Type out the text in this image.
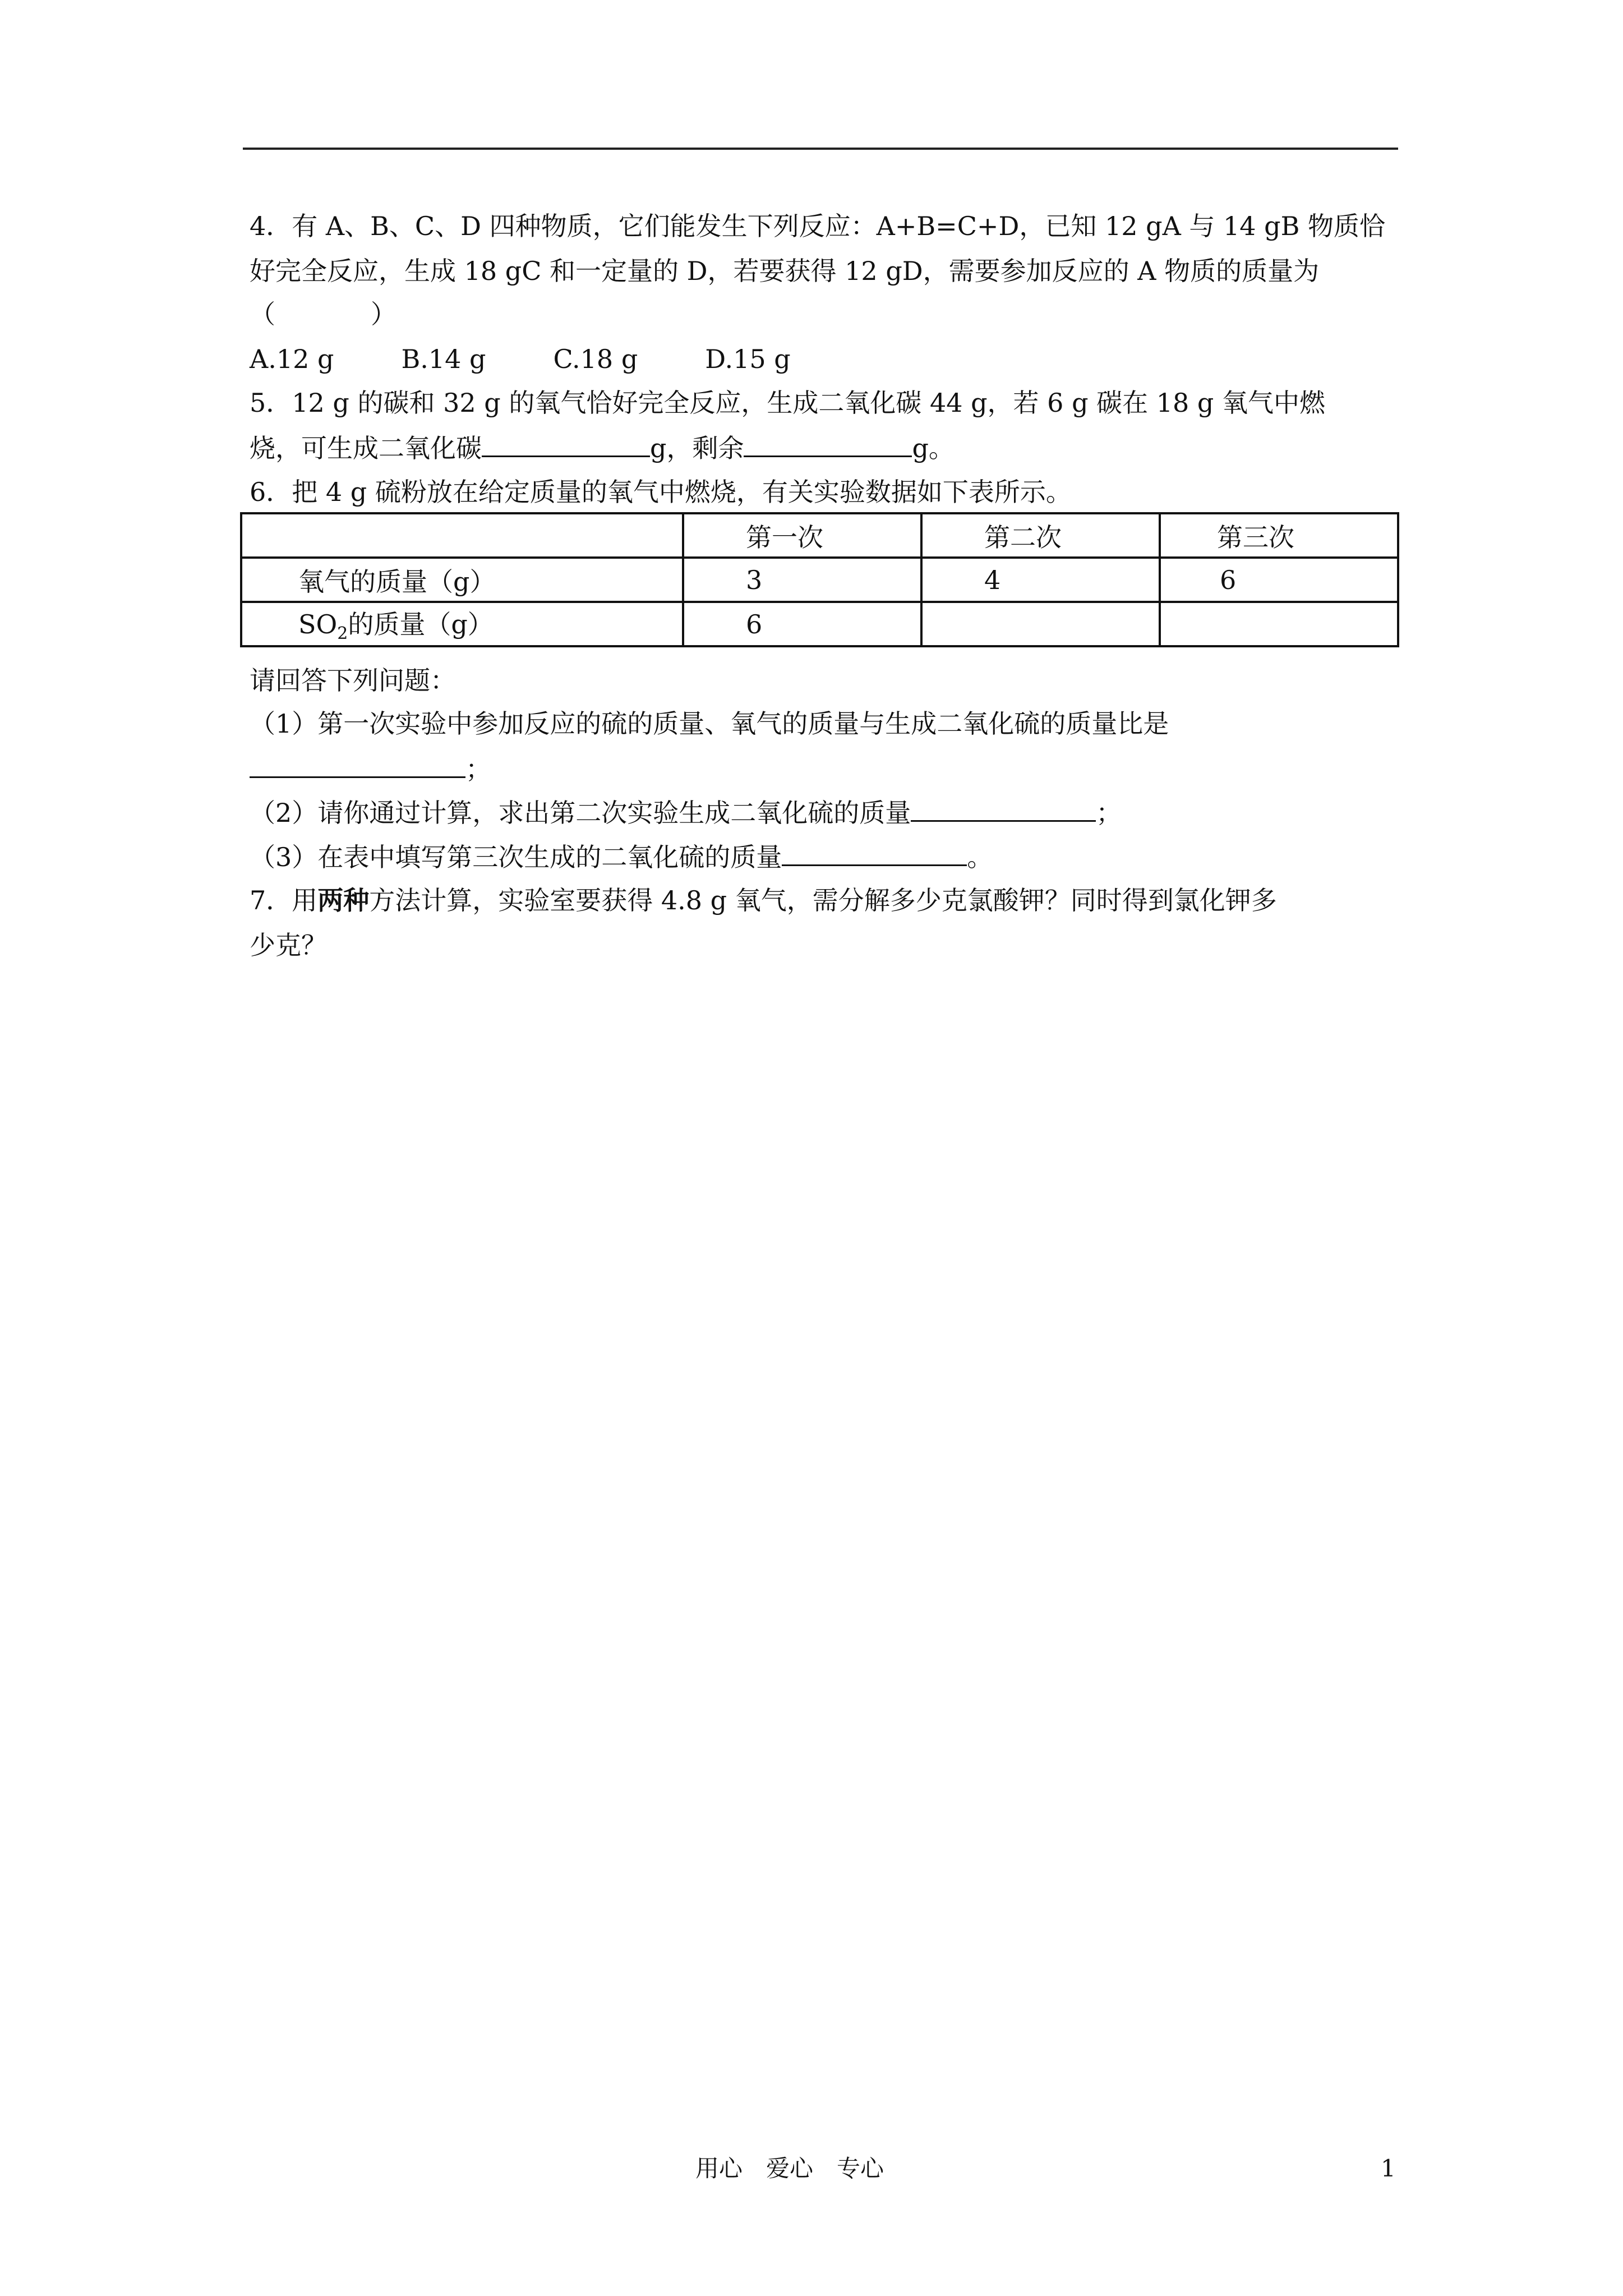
4．有 A、B、C、D 四种物质，它们能发生下列反应：A+B=C+D，已知 12 gA 与 14 gB 物质恰
好完全反应，生成 18 gC 和一定量的 D，若要获得 12 gD，需要参加反应的 A 物质的质量为
（	）
A.12 g	B.14 g	C.18 g	D.15 g
5．12 g 的碳和 32 g 的氧气恰好完全反应，生成二氧化碳 44 g，若 6 g 碳在 18 g 氧气中燃
烧，可生成二氧化碳	g，剩余	g。
6．把 4 g 硫粉放在给定质量的氧气中燃烧，有关实验数据如下表所示。
	第一次	第二次	第三次
氧气的质量（g）	3	4	6
$SO_2$的质量（g）	6		
请回答下列问题：
（1）第一次实验中参加反应的硫的质量、氧气的质量与生成二氧化硫的质量比是
；
（2）请你通过计算，求出第二次实验生成二氧化硫的质量	；
（3）在表中填写第三次生成的二氧化硫的质量	。
7．用两种方法计算，实验室要获得 4.8 g 氧气，需分解多少克氯酸钾？同时得到氯化钾多
少克？
用心　爱心　专心	1
